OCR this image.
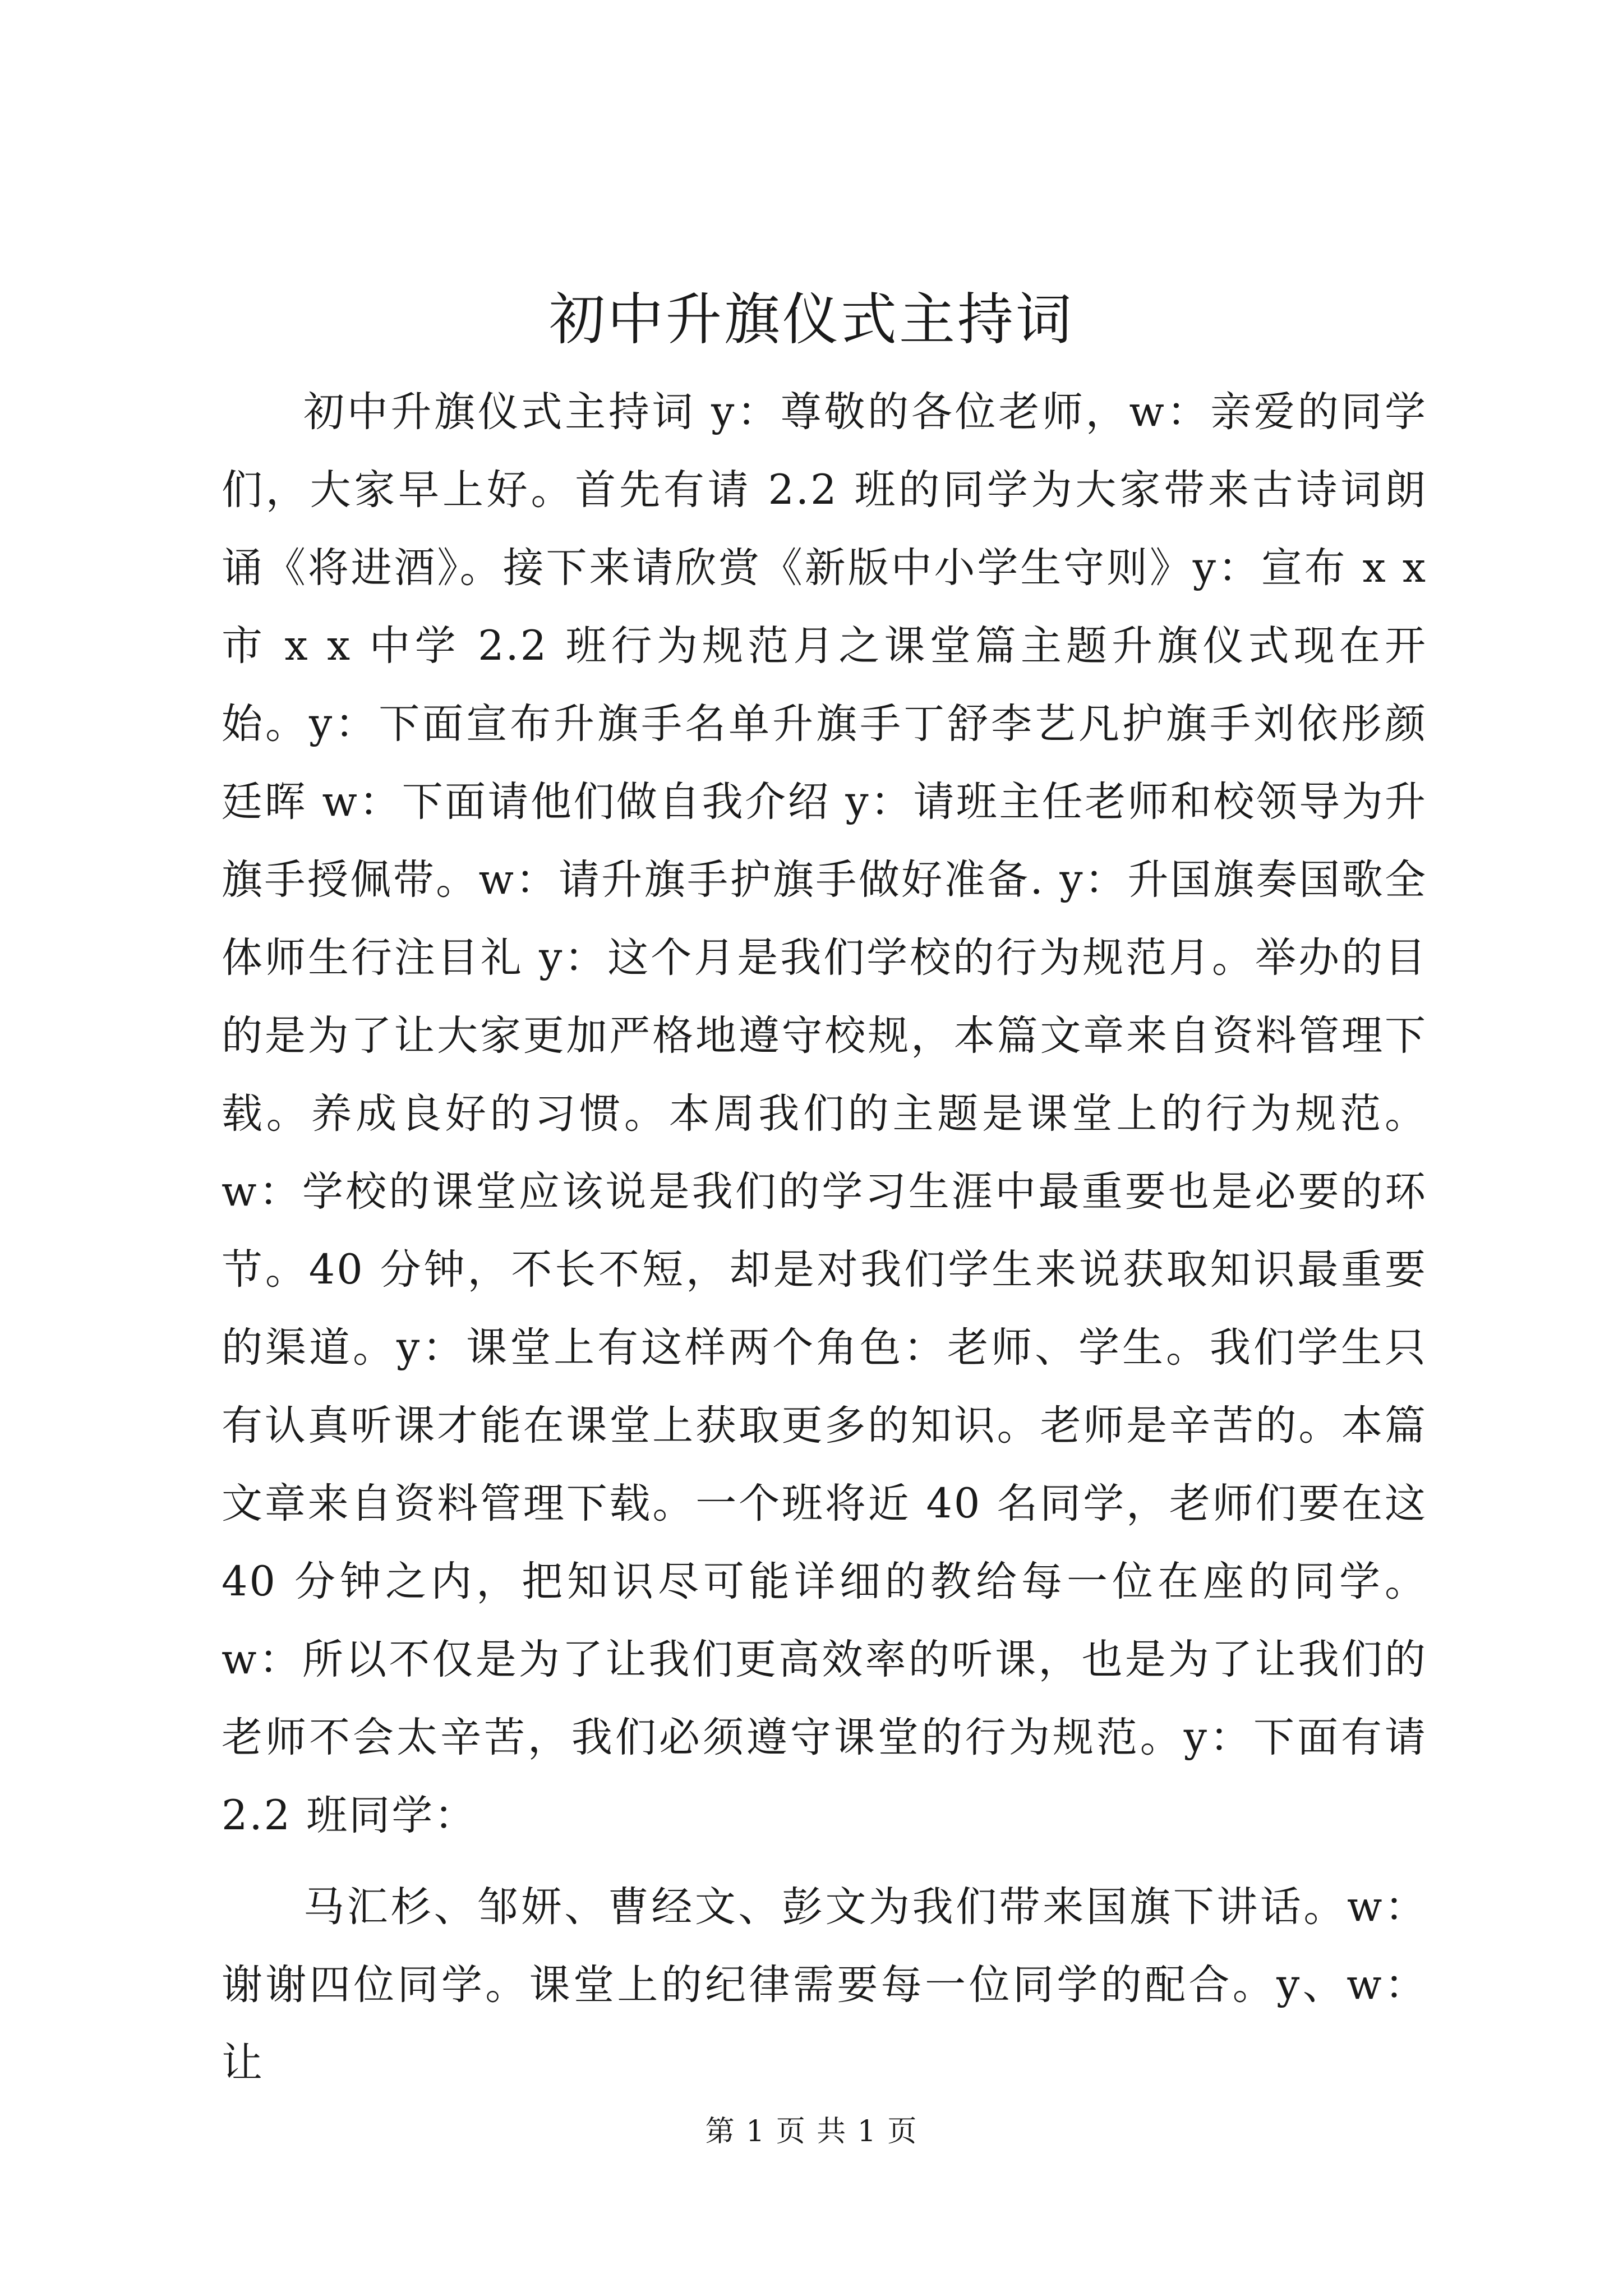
初中升旗仪式主持词

初中升旗仪式主持词 y：尊敬的各位老师，w：亲爱的同学们，大家早上好。首先有请 2.2 班的同学为大家带来古诗词朗诵《将进酒》。接下来请欣赏《新版中小学生守则》y：宣布 x x 市 x x 中学 2.2 班行为规范月之课堂篇主题升旗仪式现在开始。y：下面宣布升旗手名单升旗手丁舒李艺凡护旗手刘依彤颜廷晖 w：下面请他们做自我介绍 y：请班主任老师和校领导为升旗手授佩带。w：请升旗手护旗手做好准备. y：升国旗奏国歌全体师生行注目礼 y：这个月是我们学校的行为规范月。举办的目的是为了让大家更加严格地遵守校规，本篇文章来自资料管理下载。养成良好的习惯。本周我们的主题是课堂上的行为规范。w：学校的课堂应该说是我们的学习生涯中最重要也是必要的环节。40 分钟，不长不短，却是对我们学生来说获取知识最重要的渠道。y：课堂上有这样两个角色：老师、学生。我们学生只有认真听课才能在课堂上获取更多的知识。老师是辛苦的。本篇文章来自资料管理下载。一个班将近 40 名同学，老师们要在这 40 分钟之内，把知识尽可能详细的教给每一位在座的同学。w：所以不仅是为了让我们更高效率的听课，也是为了让我们的老师不会太辛苦，我们必须遵守课堂的行为规范。y：下面有请 2.2 班同学：

马汇杉、邹妍、曹经文、彭文为我们带来国旗下讲话。w：谢谢四位同学。课堂上的纪律需要每一位同学的配合。y、w：让

第 1 页 共 1 页
